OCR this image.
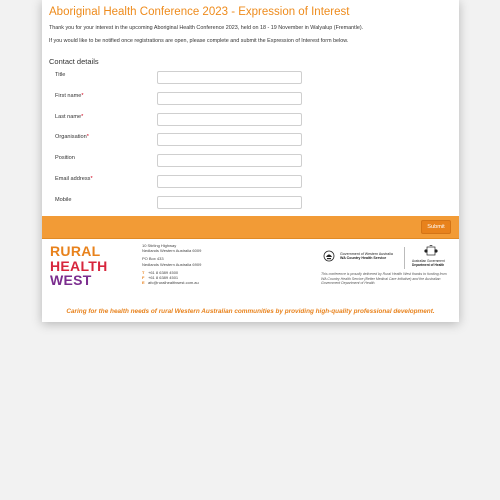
Aboriginal Health Conference 2023 - Expression of Interest

Thank you for your interest in the upcoming Aboriginal Health Conference 2023, held on 18 - 19 November in Walyalup (Fremantle).

If you would like to be notified once registrations are open, please complete and submit the Expression of Interest form below.

Contact details
Title
First name*
Last name*
Organisation*
Position
Email address*
Mobile
Submit
RURAL
HEALTH
WEST
10 Stirling Highway
Nedlands Western Australia 6009
PO Box 433
Nedlands Western Australia 6909
T +61 8 6389 4500
F +61 8 6389 4501
E afc@ruralhealthwest.com.au
Government of Western Australia
WA Country Health Service
Australian Government
Department of Health
This conference is proudly delivered by Rural Health West thanks to funding from WA Country Health Service (Better Medical Care Initiative) and the Australian Government Department of Health.
Caring for the health needs of rural Western Australian communities by providing high-quality professional development.
